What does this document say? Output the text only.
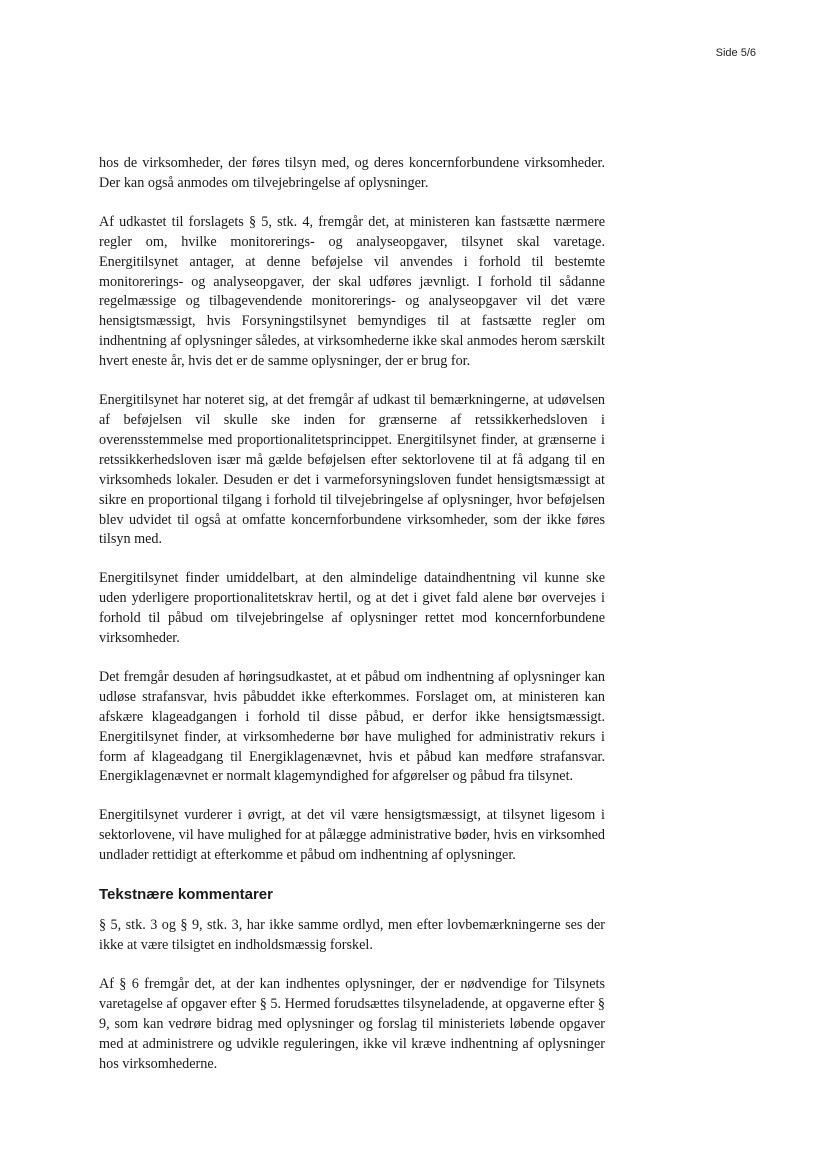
Side 5/6

hos de virksomheder, der føres tilsyn med, og deres koncernforbundene virksomheder. Der kan også anmodes om tilvejebringelse af oplysninger.

Af udkastet til forslagets § 5, stk. 4, fremgår det, at ministeren kan fastsætte nærmere regler om, hvilke monitorerings- og analyseopgaver, tilsynet skal varetage. Energitilsynet antager, at denne beføjelse vil anvendes i forhold til bestemte monitorerings- og analyseopgaver, der skal udføres jævnligt. I forhold til sådanne regelmæssige og tilbagevendende monitorerings- og analyseopgaver vil det være hensigtsmæssigt, hvis Forsyningstilsynet bemyndiges til at fastsætte regler om indhentning af oplysninger således, at virksomhederne ikke skal anmodes herom særskilt hvert eneste år, hvis det er de samme oplysninger, der er brug for.

Energitilsynet har noteret sig, at det fremgår af udkast til bemærkningerne, at udøvelsen af beføjelsen vil skulle ske inden for grænserne af retssikkerhedsloven i overensstemmelse med proportionalitetsprincippet. Energitilsynet finder, at grænserne i retssikkerhedsloven især må gælde beføjelsen efter sektorlovene til at få adgang til en virksomheds lokaler. Desuden er det i varmeforsyningsloven fundet hensigtsmæssigt at sikre en proportional tilgang i forhold til tilvejebringelse af oplysninger, hvor beføjelsen blev udvidet til også at omfatte koncernforbundene virksomheder, som der ikke føres tilsyn med.

Energitilsynet finder umiddelbart, at den almindelige dataindhentning vil kunne ske uden yderligere proportionalitetskrav hertil, og at det i givet fald alene bør overvejes i forhold til påbud om tilvejebringelse af oplysninger rettet mod koncernforbundene virksomheder.

Det fremgår desuden af høringsudkastet, at et påbud om indhentning af oplysninger kan udløse strafansvar, hvis påbuddet ikke efterkommes. Forslaget om, at ministeren kan afskære klageadgangen i forhold til disse påbud, er derfor ikke hensigtsmæssigt. Energitilsynet finder, at virksomhederne bør have mulighed for administrativ rekurs i form af klageadgang til Energiklagenævnet, hvis et påbud kan medføre strafansvar. Energiklagenævnet er normalt klagemyndighed for afgørelser og påbud fra tilsynet.

Energitilsynet vurderer i øvrigt, at det vil være hensigtsmæssigt, at tilsynet ligesom i sektorlovene, vil have mulighed for at pålægge administrative bøder, hvis en virksomhed undlader rettidigt at efterkomme et påbud om indhentning af oplysninger.

Tekstnære kommentarer

§ 5, stk. 3 og § 9, stk. 3, har ikke samme ordlyd, men efter lovbemærkningerne ses der ikke at være tilsigtet en indholdsmæssig forskel.

Af § 6 fremgår det, at der kan indhentes oplysninger, der er nødvendige for Tilsynets varetagelse af opgaver efter § 5. Hermed forudsættes tilsyneladende, at opgaverne efter § 9, som kan vedrøre bidrag med oplysninger og forslag til ministeriets løbende opgaver med at administrere og udvikle reguleringen, ikke vil kræve indhentning af oplysninger hos virksomhederne.
